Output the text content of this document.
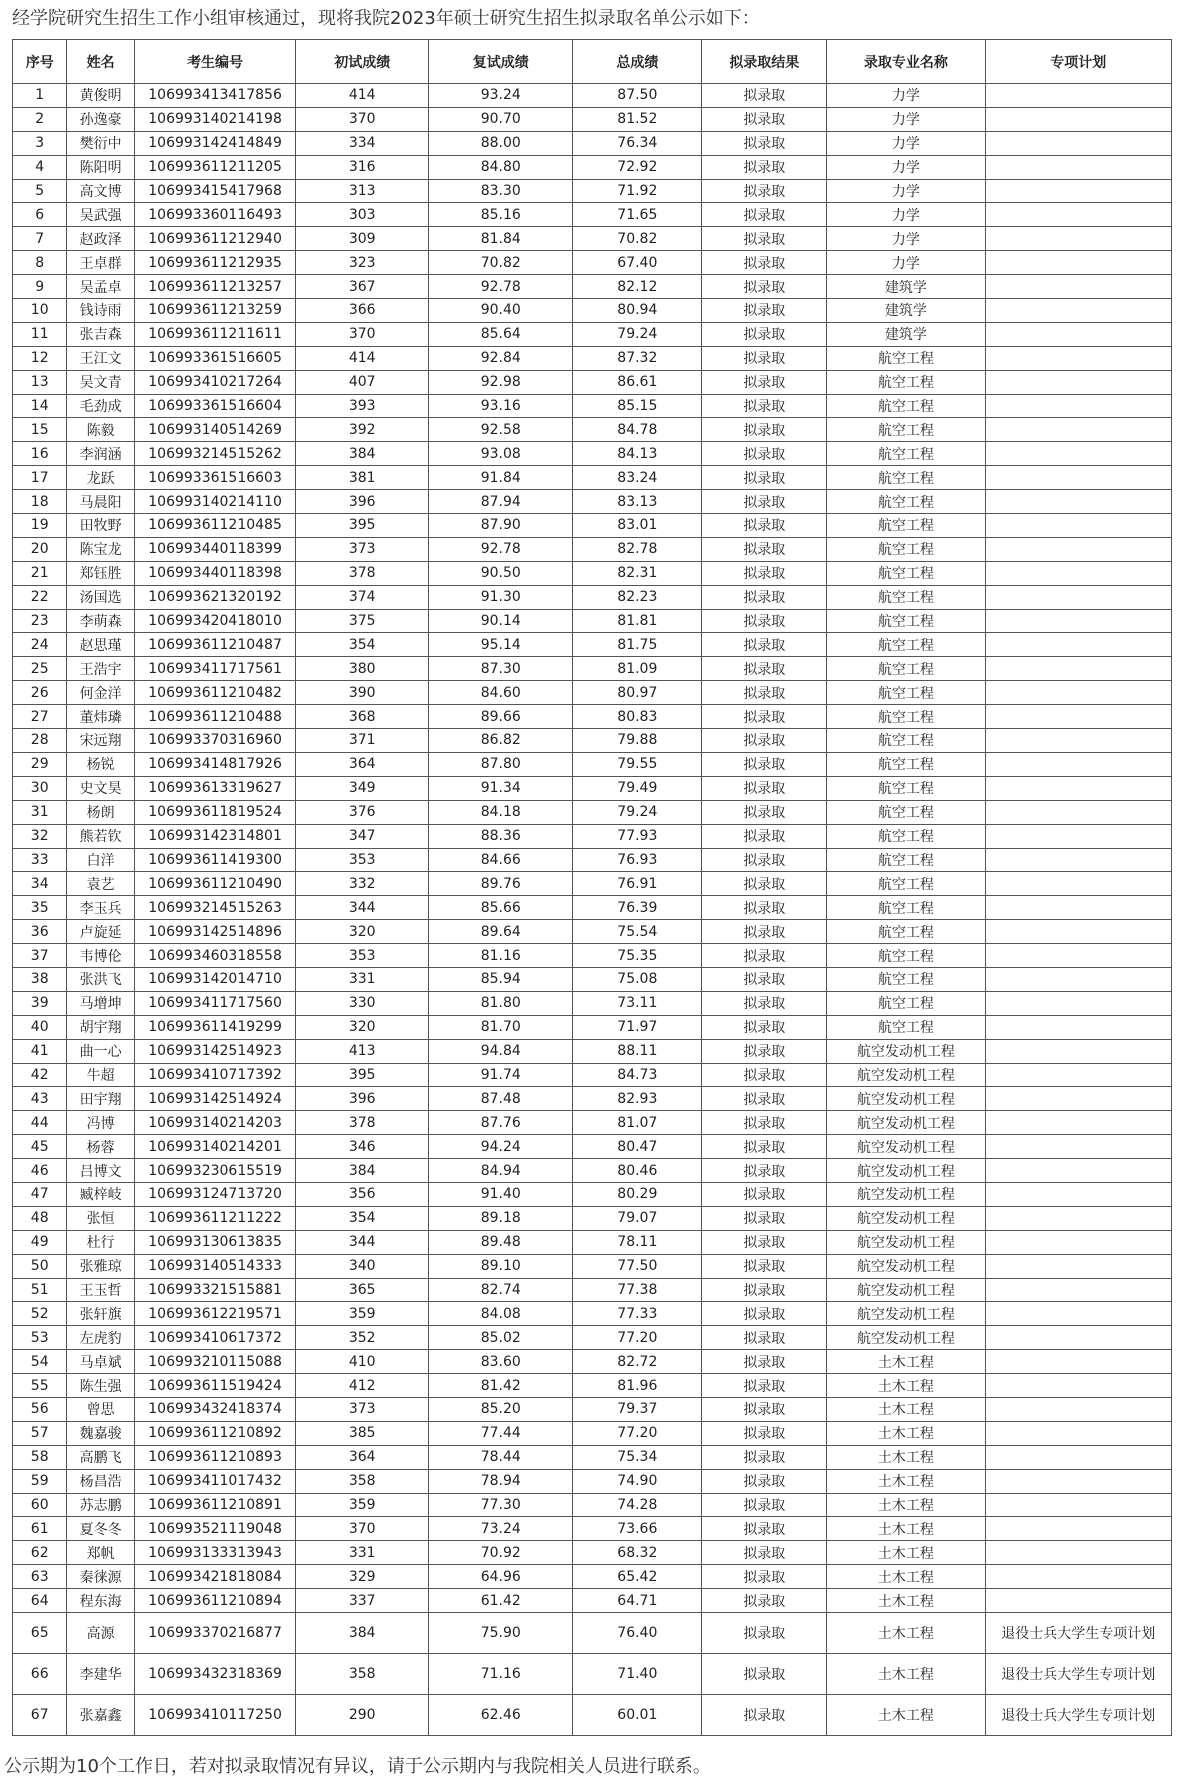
经学院研究生招生工作小组审核通过，现将我院2023年硕士研究生招生拟录取名单公示如下：
序号	姓名	考生编号	初试成绩	复试成绩	总成绩	拟录取结果	录取专业名称	专项计划
1	黄俊明	106993413417856	414	93.24	87.50	拟录取	力学	
2	孙逸豪	106993140214198	370	90.70	81.52	拟录取	力学	
3	樊衍中	106993142414849	334	88.00	76.34	拟录取	力学	
4	陈阳明	106993611211205	316	84.80	72.92	拟录取	力学	
5	高文博	106993415417968	313	83.30	71.92	拟录取	力学	
6	吴武强	106993360116493	303	85.16	71.65	拟录取	力学	
7	赵政泽	106993611212940	309	81.84	70.82	拟录取	力学	
8	王卓群	106993611212935	323	70.82	67.40	拟录取	力学	
9	吴孟卓	106993611213257	367	92.78	82.12	拟录取	建筑学	
10	钱诗雨	106993611213259	366	90.40	80.94	拟录取	建筑学	
11	张吉森	106993611211611	370	85.64	79.24	拟录取	建筑学	
12	王江文	106993361516605	414	92.84	87.32	拟录取	航空工程	
13	吴文青	106993410217264	407	92.98	86.61	拟录取	航空工程	
14	毛劲成	106993361516604	393	93.16	85.15	拟录取	航空工程	
15	陈毅	106993140514269	392	92.58	84.78	拟录取	航空工程	
16	李润涵	106993214515262	384	93.08	84.13	拟录取	航空工程	
17	龙跃	106993361516603	381	91.84	83.24	拟录取	航空工程	
18	马晨阳	106993140214110	396	87.94	83.13	拟录取	航空工程	
19	田牧野	106993611210485	395	87.90	83.01	拟录取	航空工程	
20	陈宝龙	106993440118399	373	92.78	82.78	拟录取	航空工程	
21	郑钰胜	106993440118398	378	90.50	82.31	拟录取	航空工程	
22	汤国选	106993621320192	374	91.30	82.23	拟录取	航空工程	
23	李萌森	106993420418010	375	90.14	81.81	拟录取	航空工程	
24	赵思瑾	106993611210487	354	95.14	81.75	拟录取	航空工程	
25	王浩宇	106993411717561	380	87.30	81.09	拟录取	航空工程	
26	何金洋	106993611210482	390	84.60	80.97	拟录取	航空工程	
27	董炜璘	106993611210488	368	89.66	80.83	拟录取	航空工程	
28	宋远翔	106993370316960	371	86.82	79.88	拟录取	航空工程	
29	杨锐	106993414817926	364	87.80	79.55	拟录取	航空工程	
30	史文昊	106993613319627	349	91.34	79.49	拟录取	航空工程	
31	杨朗	106993611819524	376	84.18	79.24	拟录取	航空工程	
32	熊若钦	106993142314801	347	88.36	77.93	拟录取	航空工程	
33	白洋	106993611419300	353	84.66	76.93	拟录取	航空工程	
34	袁艺	106993611210490	332	89.76	76.91	拟录取	航空工程	
35	李玉兵	106993214515263	344	85.66	76.39	拟录取	航空工程	
36	卢旋延	106993142514896	320	89.64	75.54	拟录取	航空工程	
37	韦博伦	106993460318558	353	81.16	75.35	拟录取	航空工程	
38	张洪飞	106993142014710	331	85.94	75.08	拟录取	航空工程	
39	马增坤	106993411717560	330	81.80	73.11	拟录取	航空工程	
40	胡宇翔	106993611419299	320	81.70	71.97	拟录取	航空工程	
41	曲一心	106993142514923	413	94.84	88.11	拟录取	航空发动机工程	
42	牛超	106993410717392	395	91.74	84.73	拟录取	航空发动机工程	
43	田宇翔	106993142514924	396	87.48	82.93	拟录取	航空发动机工程	
44	冯博	106993140214203	378	87.76	81.07	拟录取	航空发动机工程	
45	杨蓉	106993140214201	346	94.24	80.47	拟录取	航空发动机工程	
46	吕博文	106993230615519	384	84.94	80.46	拟录取	航空发动机工程	
47	臧梓岐	106993124713720	356	91.40	80.29	拟录取	航空发动机工程	
48	张恒	106993611211222	354	89.18	79.07	拟录取	航空发动机工程	
49	杜行	106993130613835	344	89.48	78.11	拟录取	航空发动机工程	
50	张雅琼	106993140514333	340	89.10	77.50	拟录取	航空发动机工程	
51	王玉哲	106993321515881	365	82.74	77.38	拟录取	航空发动机工程	
52	张轩旗	106993612219571	359	84.08	77.33	拟录取	航空发动机工程	
53	左虎豹	106993410617372	352	85.02	77.20	拟录取	航空发动机工程	
54	马卓斌	106993210115088	410	83.60	82.72	拟录取	土木工程	
55	陈生强	106993611519424	412	81.42	81.96	拟录取	土木工程	
56	曾思	106993432418374	373	85.20	79.37	拟录取	土木工程	
57	魏嘉骏	106993611210892	385	77.44	77.20	拟录取	土木工程	
58	高鹏飞	106993611210893	364	78.44	75.34	拟录取	土木工程	
59	杨昌浩	106993411017432	358	78.94	74.90	拟录取	土木工程	
60	苏志鹏	106993611210891	359	77.30	74.28	拟录取	土木工程	
61	夏冬冬	106993521119048	370	73.24	73.66	拟录取	土木工程	
62	郑帆	106993133313943	331	70.92	68.32	拟录取	土木工程	
63	秦徕源	106993421818084	329	64.96	65.42	拟录取	土木工程	
64	程东海	106993611210894	337	61.42	64.71	拟录取	土木工程	
65	高源	106993370216877	384	75.90	76.40	拟录取	土木工程	退役士兵大学生专项计划
66	李建华	106993432318369	358	71.16	71.40	拟录取	土木工程	退役士兵大学生专项计划
67	张嘉鑫	106993410117250	290	62.46	60.01	拟录取	土木工程	退役士兵大学生专项计划
公示期为10个工作日，若对拟录取情况有异议，请于公示期内与我院相关人员进行联系。
